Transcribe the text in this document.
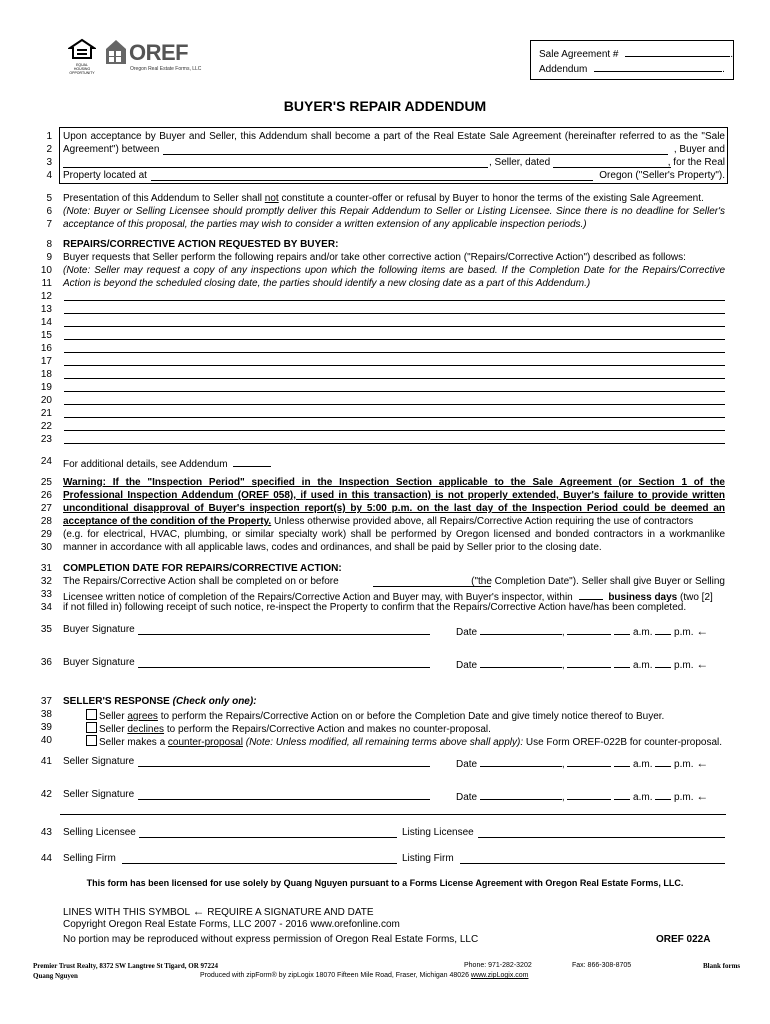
EQUAL HOUSING OPPORTUNITY
OREF
Oregon Real Estate Forms, LLC
Sale Agreement #	.
Addendum	.
BUYER'S REPAIR ADDENDUM
1
2
3
4
Upon acceptance by Buyer and Seller, this Addendum shall become a part of the Real Estate Sale Agreement (hereinafter referred to as the "Sale
Agreement") between	, Buyer and
, Seller, dated	, for the Real
Property located at	Oregon ("Seller's Property").
5
6
7
Presentation of this Addendum to Seller shall not constitute a counter-offer or refusal by Buyer to honor the terms of the existing Sale Agreement.
(Note: Buyer or Selling Licensee should promptly deliver this Repair Addendum to Seller or Listing Licensee. Since there is no deadline for Seller's
acceptance of this proposal, the parties may wish to consider a written extension of any applicable inspection periods.)
8
9
10
11
REPAIRS/CORRECTIVE ACTION REQUESTED BY BUYER:
Buyer requests that Seller perform the following repairs and/or take other corrective action ("Repairs/Corrective Action") described as follows:
(Note: Seller may request a copy of any inspections upon which the following items are based. If the Completion Date for the Repairs/Corrective
Action is beyond the scheduled closing date, the parties should identify a new closing date as a part of this Addendum.)
12
13
14
15
16
17
18
19
20
21
22
23
24 For additional details, see Addendum
25
26
27
28
29
30
Warning: If the "Inspection Period" specified in the Inspection Section applicable to the Sale Agreement (or Section 1 of the
Professional Inspection Addendum (OREF 058), if used in this transaction) is not properly extended, Buyer's failure to provide written
unconditional disapproval of Buyer's inspection report(s) by 5:00 p.m. on the last day of the Inspection Period could be deemed an
acceptance of the condition of the Property. Unless otherwise provided above, all Repairs/Corrective Action requiring the use of contractors
(e.g. for electrical, HVAC, plumbing, or similar specialty work) shall be performed by Oregon licensed and bonded contractors in a workmanlike
manner in accordance with all applicable laws, codes and ordinances, and shall be paid by Seller prior to the closing date.
31
32
33
34
COMPLETION DATE FOR REPAIRS/CORRECTIVE ACTION:
The Repairs/Corrective Action shall be completed on or before	("the Completion Date"). Seller shall give Buyer or Selling
Licensee written notice of completion of the Repairs/Corrective Action and Buyer may, with Buyer's inspector, within	business days (two [2]
if not filled in) following receipt of such notice, re-inspect the Property to confirm that the Repairs/Corrective Action have/has been completed.
35 Buyer Signature	Date	,	a.m. p.m. ←
36 Buyer Signature	Date	,	a.m. p.m. ←
37
38
39
40
SELLER'S RESPONSE (Check only one):
Seller agrees to perform the Repairs/Corrective Action on or before the Completion Date and give timely notice thereof to Buyer.
Seller declines to perform the Repairs/Corrective Action and makes no counter-proposal.
Seller makes a counter-proposal (Note: Unless modified, all remaining terms above shall apply): Use Form OREF-022B for counter-proposal.
41 Seller Signature	Date	,	a.m. p.m. ←
42 Seller Signature	Date	,	a.m. p.m. ←
43 Selling Licensee	Listing Licensee
44 Selling Firm	Listing Firm
This form has been licensed for use solely by Quang Nguyen pursuant to a Forms License Agreement with Oregon Real Estate Forms, LLC.
LINES WITH THIS SYMBOL ← REQUIRE A SIGNATURE AND DATE
Copyright Oregon Real Estate Forms, LLC 2007 - 2016 www.orefonline.com
No portion may be reproduced without express permission of Oregon Real Estate Forms, LLC	OREF 022A
Premier Trust Realty, 8372 SW Langtree St Tigard, OR 97224	Phone: 971-282-3202	Fax: 866-308-8705	Blank forms
Quang Nguyen	Produced with zipForm® by zipLogix 18070 Fifteen Mile Road, Fraser, Michigan 48026 www.zipLogix.com
